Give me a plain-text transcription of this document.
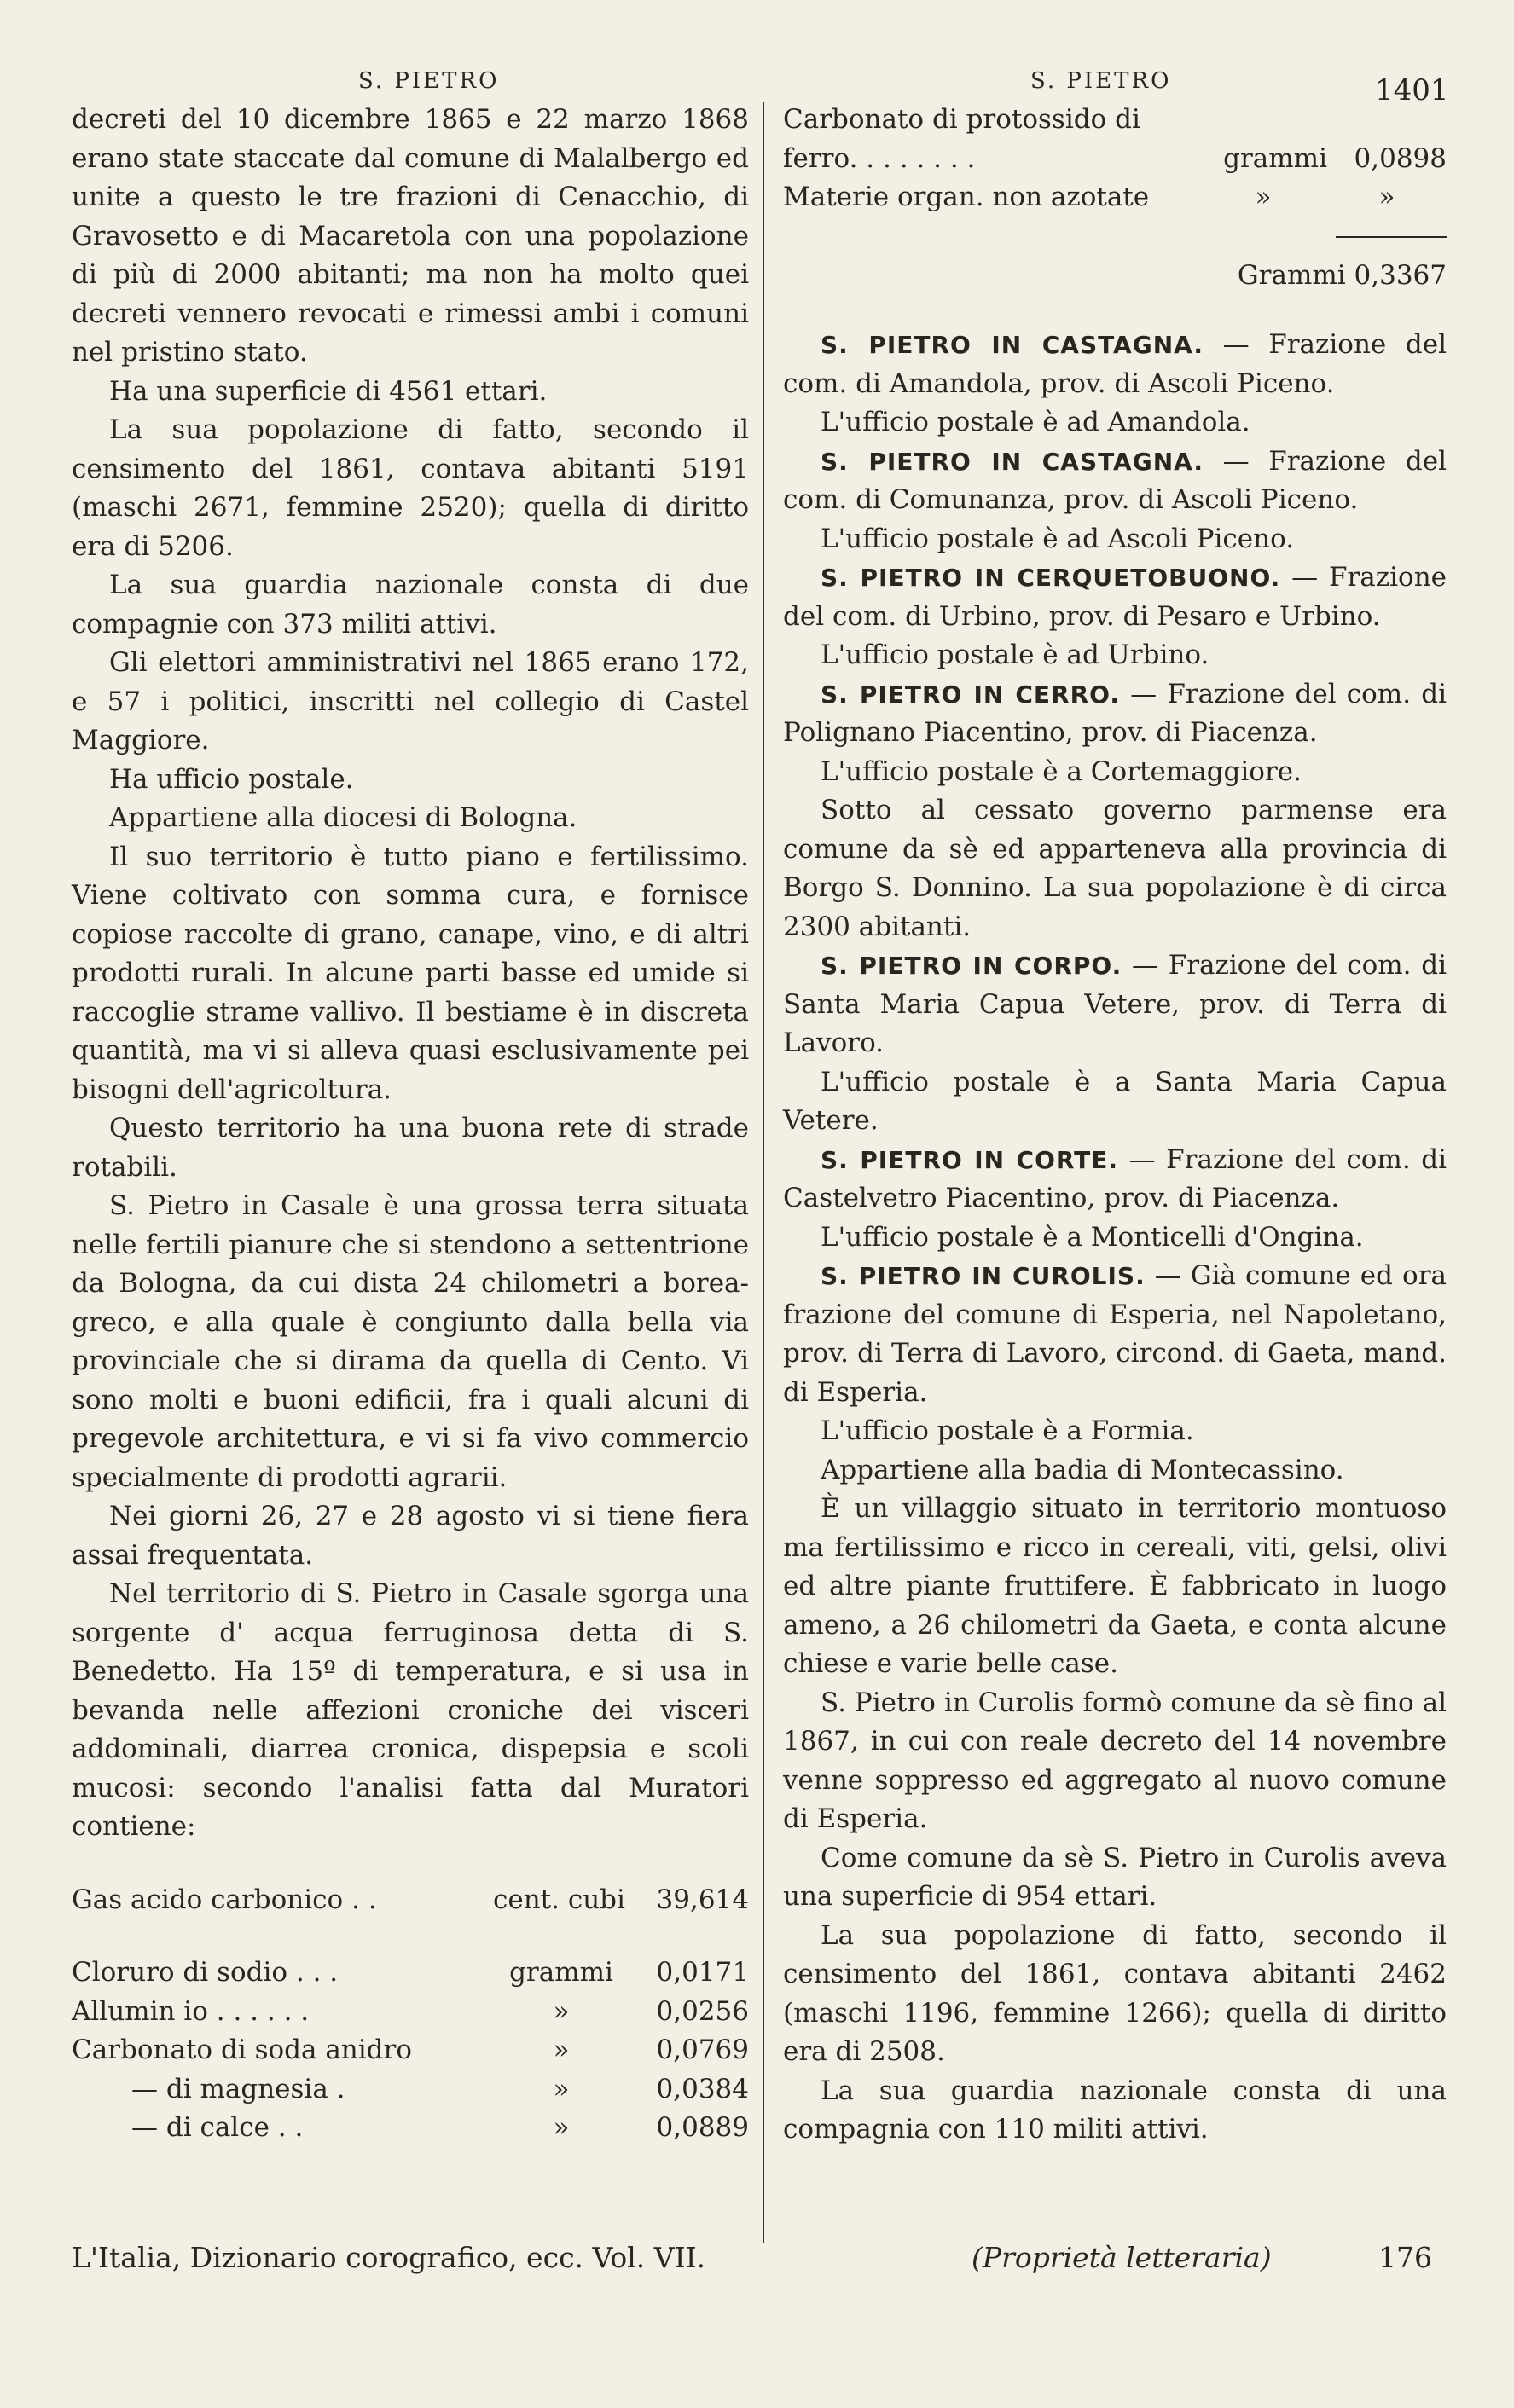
S. PIETRO	S. PIETRO	1401

decreti del 10 dicembre 1865 e 22 marzo 1868 erano state staccate dal comune di Malalbergo ed unite a questo le tre frazioni di Cenacchio, di Gravosetto e di Macaretola con una popolazione di più di 2000 abitanti; ma non ha molto quei decreti vennero revocati e rimessi ambi i comuni nel pristino stato.

Ha una superficie di 4561 ettari.

La sua popolazione di fatto, secondo il censimento del 1861, contava abitanti 5191 (maschi 2671, femmine 2520); quella di diritto era di 5206.

La sua guardia nazionale consta di due compagnie con 373 militi attivi.

Gli elettori amministrativi nel 1865 erano 172, e 57 i politici, inscritti nel collegio di Castel Maggiore.

Ha ufficio postale.

Appartiene alla diocesi di Bologna.

Il suo territorio è tutto piano e fertilissimo. Viene coltivato con somma cura, e fornisce copiose raccolte di grano, canape, vino, e di altri prodotti rurali. In alcune parti basse ed umide si raccoglie strame vallivo. Il bestiame è in discreta quantità, ma vi si alleva quasi esclusivamente pei bisogni dell'agricoltura.

Questo territorio ha una buona rete di strade rotabili.

S. Pietro in Casale è una grossa terra situata nelle fertili pianure che si stendono a settentrione da Bologna, da cui dista 24 chilometri a borea-greco, e alla quale è congiunto dalla bella via provinciale che si dirama da quella di Cento. Vi sono molti e buoni edificii, fra i quali alcuni di pregevole architettura, e vi si fa vivo commercio specialmente di prodotti agrarii.

Nei giorni 26, 27 e 28 agosto vi si tiene fiera assai frequentata.

Nel territorio di S. Pietro in Casale sgorga una sorgente d' acqua ferruginosa detta di S. Benedetto. Ha 15º di temperatura, e si usa in bevanda nelle affezioni croniche dei visceri addominali, diarrea cronica, dispepsia e scoli mucosi: secondo l'analisi fatta dal Muratori contiene:

Gas acido carbonico . .	cent. cubi	39,614
Cloruro di sodio . . .	grammi	0,0171
Allumin io . . . . . .	»	0,0256
Carbonato di soda anidro	»	0,0769
— di magnesia .	»	0,0384
— di calce . .	»	0,0889
Carbonato di protossido di
ferro. . . . . . . .	grammi	0,0898
Materie organ. non azotate	»	»

Grammi 0,3367

S. PIETRO IN CASTAGNA. — Frazione del com. di Amandola, prov. di Ascoli Piceno.

L'ufficio postale è ad Amandola.

S. PIETRO IN CASTAGNA. — Frazione del com. di Comunanza, prov. di Ascoli Piceno.

L'ufficio postale è ad Ascoli Piceno.

S. PIETRO IN CERQUETOBUONO. — Frazione del com. di Urbino, prov. di Pesaro e Urbino.

L'ufficio postale è ad Urbino.

S. PIETRO IN CERRO. — Frazione del com. di Polignano Piacentino, prov. di Piacenza.

L'ufficio postale è a Cortemaggiore.

Sotto al cessato governo parmense era comune da sè ed apparteneva alla provincia di Borgo S. Donnino. La sua popolazione è di circa 2300 abitanti.

S. PIETRO IN CORPO. — Frazione del com. di Santa Maria Capua Vetere, prov. di Terra di Lavoro.

L'ufficio postale è a Santa Maria Capua Vetere.

S. PIETRO IN CORTE. — Frazione del com. di Castelvetro Piacentino, prov. di Piacenza.

L'ufficio postale è a Monticelli d'Ongina.

S. PIETRO IN CUROLIS. — Già comune ed ora frazione del comune di Esperia, nel Napoletano, prov. di Terra di Lavoro, circond. di Gaeta, mand. di Esperia.

L'ufficio postale è a Formia.

Appartiene alla badia di Montecassino.

È un villaggio situato in territorio montuoso ma fertilissimo e ricco in cereali, viti, gelsi, olivi ed altre piante fruttifere. È fabbricato in luogo ameno, a 26 chilometri da Gaeta, e conta alcune chiese e varie belle case.

S. Pietro in Curolis formò comune da sè fino al 1867, in cui con reale decreto del 14 novembre venne soppresso ed aggregato al nuovo comune di Esperia.

Come comune da sè S. Pietro in Curolis aveva una superficie di 954 ettari.

La sua popolazione di fatto, secondo il censimento del 1861, contava abitanti 2462 (maschi 1196, femmine 1266); quella di diritto era di 2508.

La sua guardia nazionale consta di una compagnia con 110 militi attivi.

L'Italia, Dizionario corografico, ecc. Vol. VII.	(Proprietà letteraria)	176
